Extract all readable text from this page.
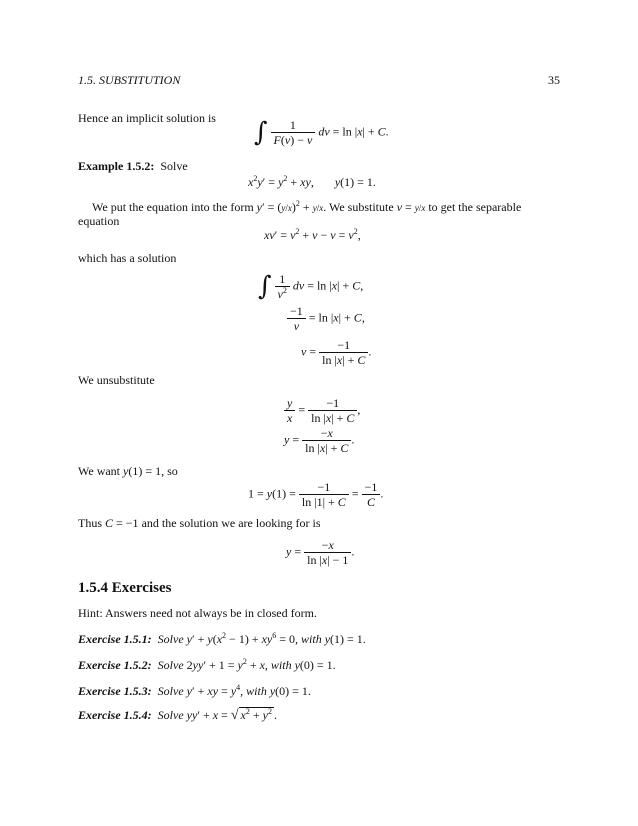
1.5. SUBSTITUTION	35
Hence an implicit solution is ∫ $\frac{1}{F(v) - v}$ dv = ln |x| + C.
Example 1.5.2: Solve
$x^2y' = y^2$ + xy,       y(1) = 1.
We put the equation into the form $y' = (y/x)^2 + y/x$. We substitute v = y/x to get the separable
equation
$xv' = v^2 + v - v = v^2$,
which has a solution
∫ $\frac{1}{v^2}$ dv = ln |x| + C,
$\frac{-1}{v} = \ln |x| + C$,
$v = \frac{-1}{\ln |x| + C}$ .
We unsubstitute
$\frac{y}{x} = \frac{-1}{\ln |x| + C}$ ,
$y = \frac{-x}{\ln |x| + C}$ .
We want y(1) = 1, so
$1 = y(1) = \frac{-1}{\ln |1| + C} = \frac{-1}{C}$ .
Thus C = −1 and the solution we are looking for is
$y = \frac{-x}{\ln |x| - 1}$ .
1.5.4 Exercises
Hint: Answers need not always be in closed form.
Exercise 1.5.1: Solve $y' + y(x^2 - 1) + xy^6 = 0$, with y(1) = 1.
Exercise 1.5.2: Solve $2yy' + 1 = y^2 + x$, with y(0) = 1.
Exercise 1.5.3: Solve y′ + xy = $y^4$, with y(0) = 1.
Exercise 1.5.4: Solve yy′ + x = √ $x^2 + y^2$ .
